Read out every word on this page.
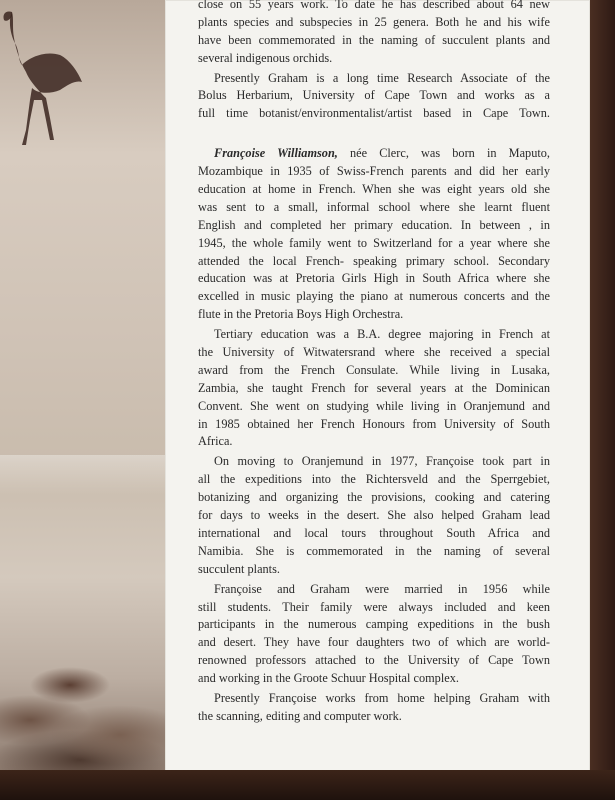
close on 55 years work. To date he has described about 64 new
plants species and subspecies in 25 genera. Both he and his wife
have been commemorated in the naming of succulent plants and
several indigenous orchids.
Presently Graham is a long time Research Associate of the
Bolus Herbarium, University of Cape Town and works as a
full time botanist/environmentalist/artist based in Cape Town.
Françoise Williamson, née Clerc, was born in Maputo,
Mozambique in 1935 of Swiss-French parents and did her early
education at home in French. When she was eight years old she
was sent to a small, informal school where she learnt fluent
English and completed her primary education. In between , in
1945, the whole family went to Switzerland for a year where she
attended the local French- speaking primary school. Secondary
education was at Pretoria Girls High in South Africa where she
excelled in music playing the piano at numerous concerts and the
flute in the Pretoria Boys High Orchestra.
Tertiary education was a B.A. degree majoring in French at
the University of Witwatersrand where she received a special
award from the French Consulate. While living in Lusaka,
Zambia, she taught French for several years at the Dominican
Convent. She went on studying while living in Oranjemund and
in 1985 obtained her French Honours from University of South
Africa.
On moving to Oranjemund in 1977, Françoise took part in
all the expeditions into the Richtersveld and the Sperrgebiet,
botanizing and organizing the provisions, cooking and catering
for days to weeks in the desert. She also helped Graham lead
international and local tours throughout South Africa and
Namibia. She is commemorated in the naming of several
succulent plants.
Françoise and Graham were married in 1956 while
still students. Their family were always included and keen
participants in the numerous camping expeditions in the bush
and desert. They have four daughters two of which are world-
renowned professors attached to the University of Cape Town
and working in the Groote Schuur Hospital complex.
Presently Françoise works from home helping Graham with
the scanning, editing and computer work.
